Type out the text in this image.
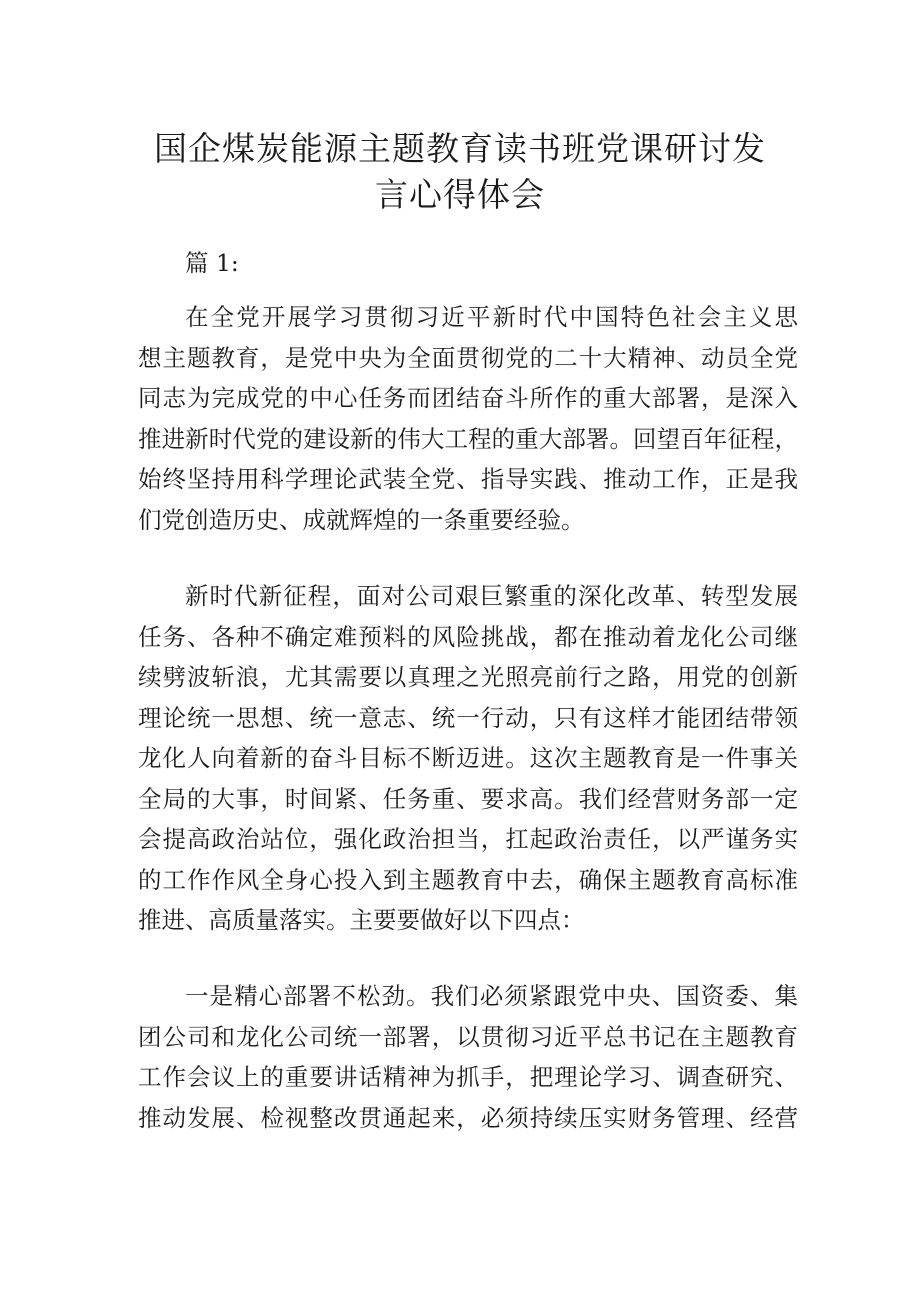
国企煤炭能源主题教育读书班党课研讨发
言心得体会

篇 1:

在全党开展学习贯彻习近平新时代中国特色社会主义思
想主题教育，是党中央为全面贯彻党的二十大精神、动员全党
同志为完成党的中心任务而团结奋斗所作的重大部署，是深入
推进新时代党的建设新的伟大工程的重大部署。回望百年征程，
始终坚持用科学理论武装全党、指导实践、推动工作，正是我
们党创造历史、成就辉煌的一条重要经验。
新时代新征程，面对公司艰巨繁重的深化改革、转型发展
任务、各种不确定难预料的风险挑战，都在推动着龙化公司继
续劈波斩浪，尤其需要以真理之光照亮前行之路，用党的创新
理论统一思想、统一意志、统一行动，只有这样才能团结带领
龙化人向着新的奋斗目标不断迈进。这次主题教育是一件事关
全局的大事，时间紧、任务重、要求高。我们经营财务部一定
会提高政治站位，强化政治担当，扛起政治责任，以严谨务实
的工作作风全身心投入到主题教育中去，确保主题教育高标准
推进、高质量落实。主要要做好以下四点：
一是精心部署不松劲。我们必须紧跟党中央、国资委、集
团公司和龙化公司统一部署，以贯彻习近平总书记在主题教育
工作会议上的重要讲话精神为抓手，把理论学习、调查研究、
推动发展、检视整改贯通起来，必须持续压实财务管理、经营
